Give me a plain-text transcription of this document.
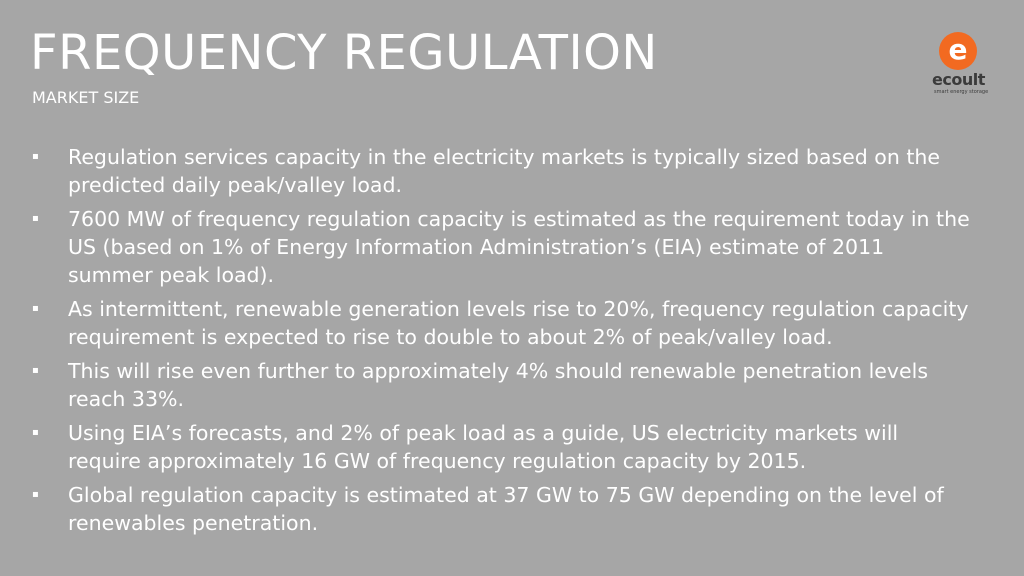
FREQUENCY REGULATION
MARKET SIZE
e
ecoult
smart energy storage
▪ Regulation services capacity in the electricity markets is typically sized based on the predicted daily peak/valley load.
▪ 7600 MW of frequency regulation capacity is estimated as the requirement today in the US (based on 1% of Energy Information Administration’s (EIA) estimate of 2011 summer peak load).
▪ As intermittent, renewable generation levels rise to 20%, frequency regulation capacity requirement is expected to rise to double to about 2% of peak/valley load.
▪ This will rise even further to approximately 4% should renewable penetration levels reach 33%.
▪ Using EIA’s forecasts, and 2% of peak load as a guide, US electricity markets will require approximately 16 GW of frequency regulation capacity by 2015.
▪ Global regulation capacity is estimated at 37 GW to 75 GW depending on the level of renewables penetration.
